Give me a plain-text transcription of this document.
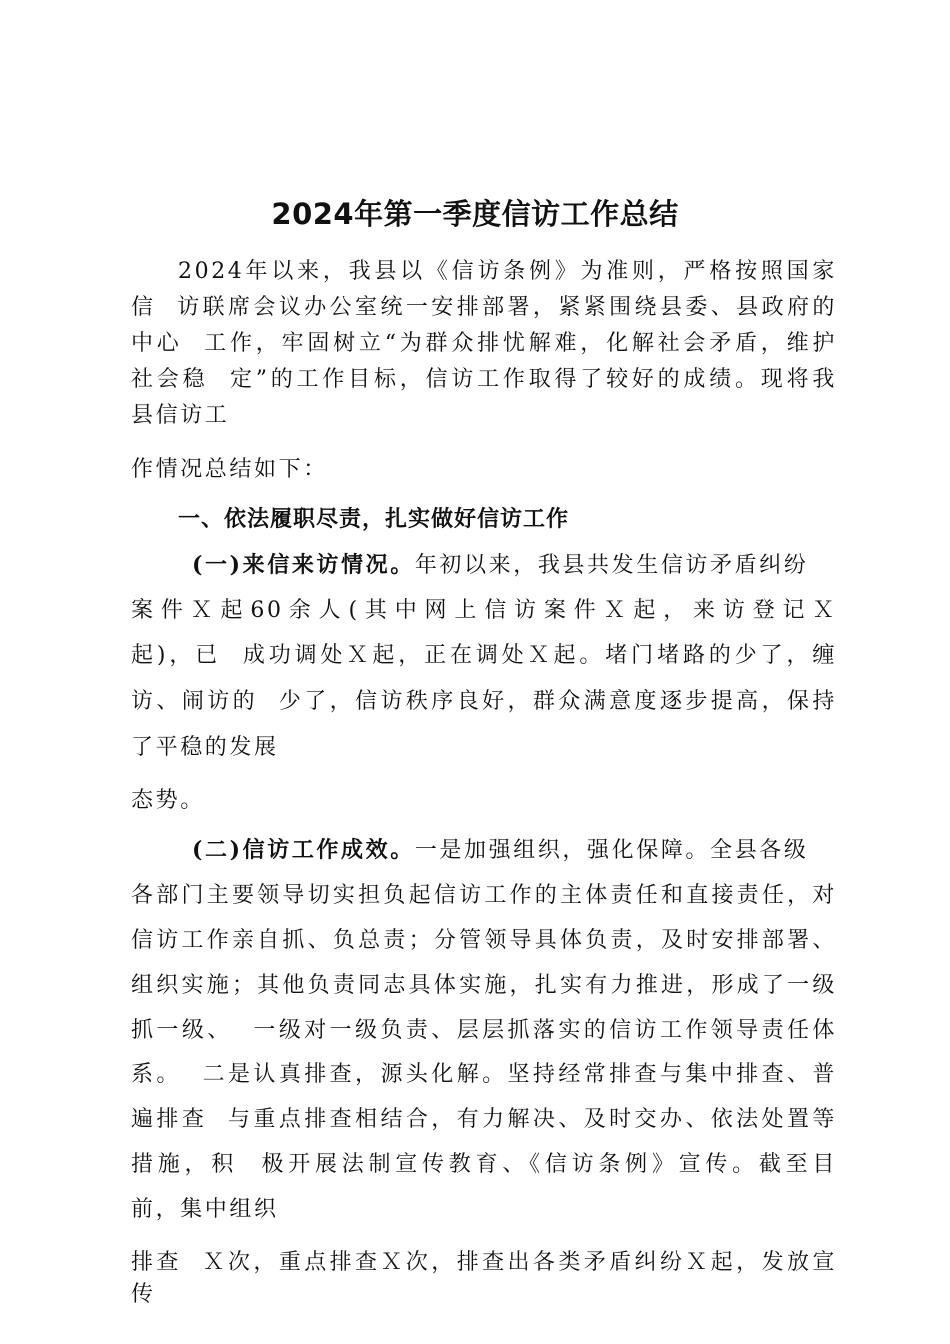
2024年第一季度信访工作总结

2024年以来，我县以《信访条例》为准则，严格按照国家

信  访联席会议办公室统一安排部署，紧紧围绕县委、县政府的

中心  工作，牢固树立“为群众排忧解难，化解社会矛盾，维护

社会稳  定”的工作目标，信访工作取得了较好的成绩。现将我

县信访工

作情况总结如下：

一、依法履职尽责，扎实做好信访工作

(一)来信来访情况。年初以来，我县共发生信访矛盾纠纷

案件Ｘ起60余人(其中网上信访案件Ｘ起，来访登记Ｘ

起)，已  成功调处Ｘ起，正在调处Ｘ起。堵门堵路的少了，缠

访、闹访的  少了，信访秩序良好，群众满意度逐步提高，保持

了平稳的发展

态势。

(二)信访工作成效。一是加强组织，强化保障。全县各级

各部门主要领导切实担负起信访工作的主体责任和直接责任，对

信访工作亲自抓、负总责；分管领导具体负责，及时安排部署、

组织实施；其他负责同志具体实施，扎实有力推进，形成了一级

抓一级、  一级对一级负责、层层抓落实的信访工作领导责任体

系。  二是认真排查，源头化解。坚持经常排查与集中排查、普

遍排查  与重点排查相结合，有力解决、及时交办、依法处置等

措施，积  极开展法制宣传教育、《信访条例》宣传。截至目

前，集中组织

排查  Ｘ次，重点排查Ｘ次，排查出各类矛盾纠纷Ｘ起，发放宣

传
